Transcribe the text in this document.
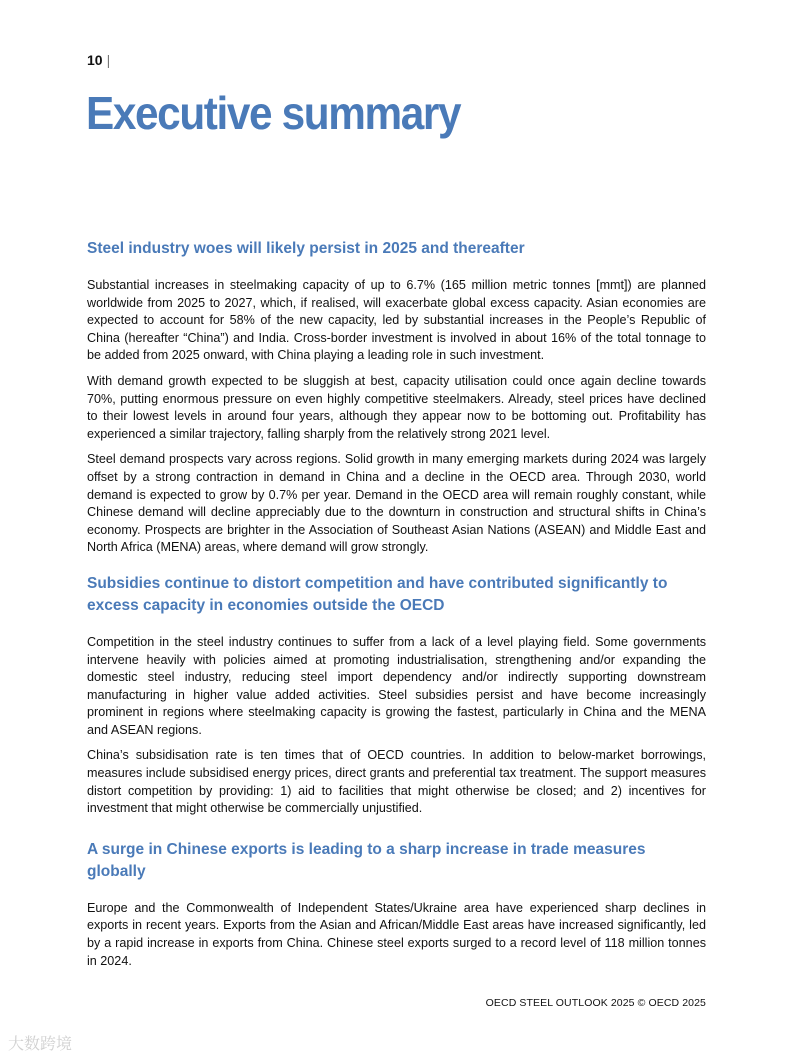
10 |
Executive summary
Steel industry woes will likely persist in 2025 and thereafter

Substantial increases in steelmaking capacity of up to 6.7% (165 million metric tonnes [mmt]) are planned worldwide from 2025 to 2027, which, if realised, will exacerbate global excess capacity. Asian economies are expected to account for 58% of the new capacity, led by substantial increases in the People’s Republic of China (hereafter “China”) and India. Cross-border investment is involved in about 16% of the total tonnage to be added from 2025 onward, with China playing a leading role in such investment.

With demand growth expected to be sluggish at best, capacity utilisation could once again decline towards 70%, putting enormous pressure on even highly competitive steelmakers. Already, steel prices have declined to their lowest levels in around four years, although they appear now to be bottoming out. Profitability has experienced a similar trajectory, falling sharply from the relatively strong 2021 level.

Steel demand prospects vary across regions. Solid growth in many emerging markets during 2024 was largely offset by a strong contraction in demand in China and a decline in the OECD area. Through 2030, world demand is expected to grow by 0.7% per year. Demand in the OECD area will remain roughly constant, while Chinese demand will decline appreciably due to the downturn in construction and structural shifts in China’s economy. Prospects are brighter in the Association of Southeast Asian Nations (ASEAN) and Middle East and North Africa (MENA) areas, where demand will grow strongly.

Subsidies continue to distort competition and have contributed significantly to excess capacity in economies outside the OECD

Competition in the steel industry continues to suffer from a lack of a level playing field. Some governments intervene heavily with policies aimed at promoting industrialisation, strengthening and/or expanding the domestic steel industry, reducing steel import dependency and/or indirectly supporting downstream manufacturing in higher value added activities. Steel subsidies persist and have become increasingly prominent in regions where steelmaking capacity is growing the fastest, particularly in China and the MENA and ASEAN regions.

China’s subsidisation rate is ten times that of OECD countries. In addition to below-market borrowings, measures include subsidised energy prices, direct grants and preferential tax treatment. The support measures distort competition by providing: 1) aid to facilities that might otherwise be closed; and 2) incentives for investment that might otherwise be commercially unjustified.

A surge in Chinese exports is leading to a sharp increase in trade measures globally

Europe and the Commonwealth of Independent States/Ukraine area have experienced sharp declines in exports in recent years. Exports from the Asian and African/Middle East areas have increased significantly, led by a rapid increase in exports from China. Chinese steel exports surged to a record level of 118 million tonnes in 2024.

OECD STEEL OUTLOOK 2025 © OECD 2025
大数跨境
